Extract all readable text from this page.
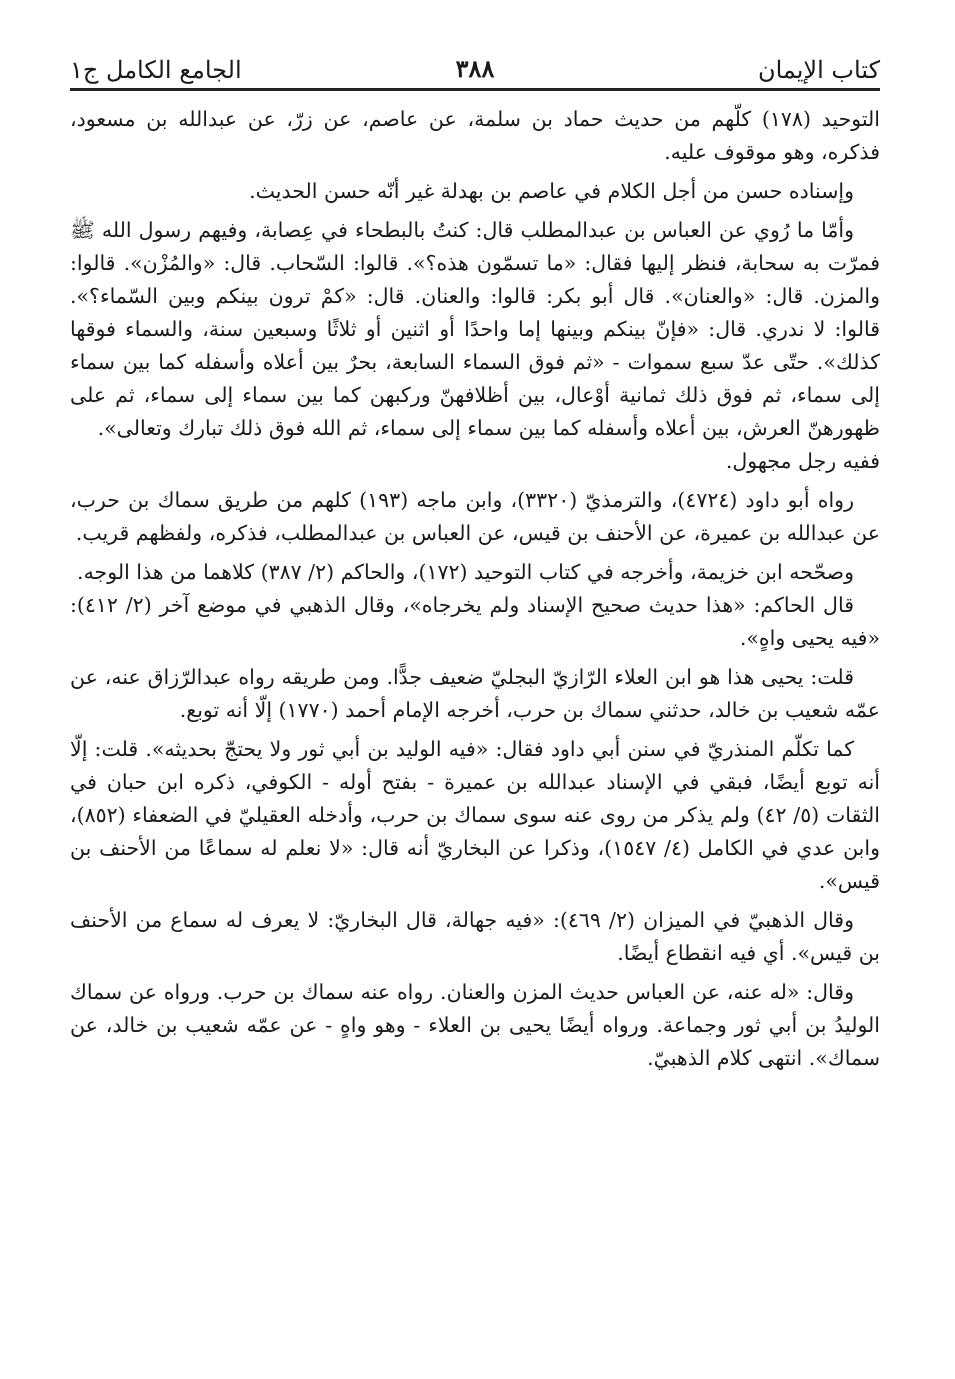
كتاب الإيمان
٣٨٨
الجامع الكامل ج١

التوحيد (١٧٨) كلّهم من حديث حماد بن سلمة، عن عاصم، عن زرّ، عن عبدالله بن مسعود، فذكره، وهو موقوف عليه.

وإسناده حسن من أجل الكلام في عاصم بن بهدلة غير أنّه حسن الحديث.

وأمّا ما رُوي عن العباس بن عبدالمطلب قال: كنتُ بالبطحاء في عِصابة، وفيهم رسول الله ﷺ فمرّت به سحابة، فنظر إليها فقال: «ما تسمّون هذه؟». قالوا: السّحاب. قال: «والمُزْن». قالوا: والمزن. قال: «والعنان». قال أبو بكر: قالوا: والعنان. قال: «كمْ ترون بينكم وبين السّماء؟». قالوا: لا ندري. قال: «فإنّ بينكم وبينها إما واحدًا أو اثنين أو ثلاثًا وسبعين سنة، والسماء فوقها كذلك». حتّى عدّ سبع سموات - «ثم فوق السماء السابعة، بحرٌ بين أعلاه وأسفله كما بين سماء إلى سماء، ثم فوق ذلك ثمانية أوْعال، بين أظلافهنّ وركبهن كما بين سماء إلى سماء، ثم على ظهورهنّ العرش، بين أعلاه وأسفله كما بين سماء إلى سماء، ثم الله فوق ذلك تبارك وتعالى».

ففيه رجل مجهول.

رواه أبو داود (٤٧٢٤)، والترمذيّ (٣٣٢٠)، وابن ماجه (١٩٣) كلهم من طريق سماك بن حرب، عن عبدالله بن عميرة، عن الأحنف بن قيس، عن العباس بن عبدالمطلب، فذكره، ولفظهم قريب.

وصحّحه ابن خزيمة، وأخرجه في كتاب التوحيد (١٧٢)، والحاكم (٢/ ٣٨٧) كلاهما من هذا الوجه.

قال الحاكم: «هذا حديث صحيح الإسناد ولم يخرجاه»، وقال الذهبي في موضع آخر (٢/ ٤١٢): «فيه يحيى واهٍ».

قلت: يحيى هذا هو ابن العلاء الرّازيّ البجليّ ضعيف جدًّا. ومن طريقه رواه عبدالرّزاق عنه، عن عمّه شعيب بن خالد، حدثني سماك بن حرب، أخرجه الإمام أحمد (١٧٧٠) إلّا أنه توبع.

كما تكلّم المنذريّ في سنن أبي داود فقال: «فيه الوليد بن أبي ثور ولا يحتجّ بحديثه». قلت: إلّا أنه توبع أيضًا، فبقي في الإسناد عبدالله بن عميرة - بفتح أوله - الكوفي، ذكره ابن حبان في الثقات (٥/ ٤٢) ولم يذكر من روى عنه سوى سماك بن حرب، وأدخله العقيليّ في الضعفاء (٨٥٢)، وابن عدي في الكامل (٤/ ١٥٤٧)، وذكرا عن البخاريّ أنه قال: «لا نعلم له سماعًا من الأحنف بن قيس».

وقال الذهبيّ في الميزان (٢/ ٤٦٩): «فيه جهالة، قال البخاريّ: لا يعرف له سماع من الأحنف بن قيس». أي فيه انقطاع أيضًا.

وقال: «له عنه، عن العباس حديث المزن والعنان. رواه عنه سماك بن حرب. ورواه عن سماك الوليدُ بن أبي ثور وجماعة. ورواه أيضًا يحيى بن العلاء - وهو واهٍ - عن عمّه شعيب بن خالد، عن سماك». انتهى كلام الذهبيّ.
